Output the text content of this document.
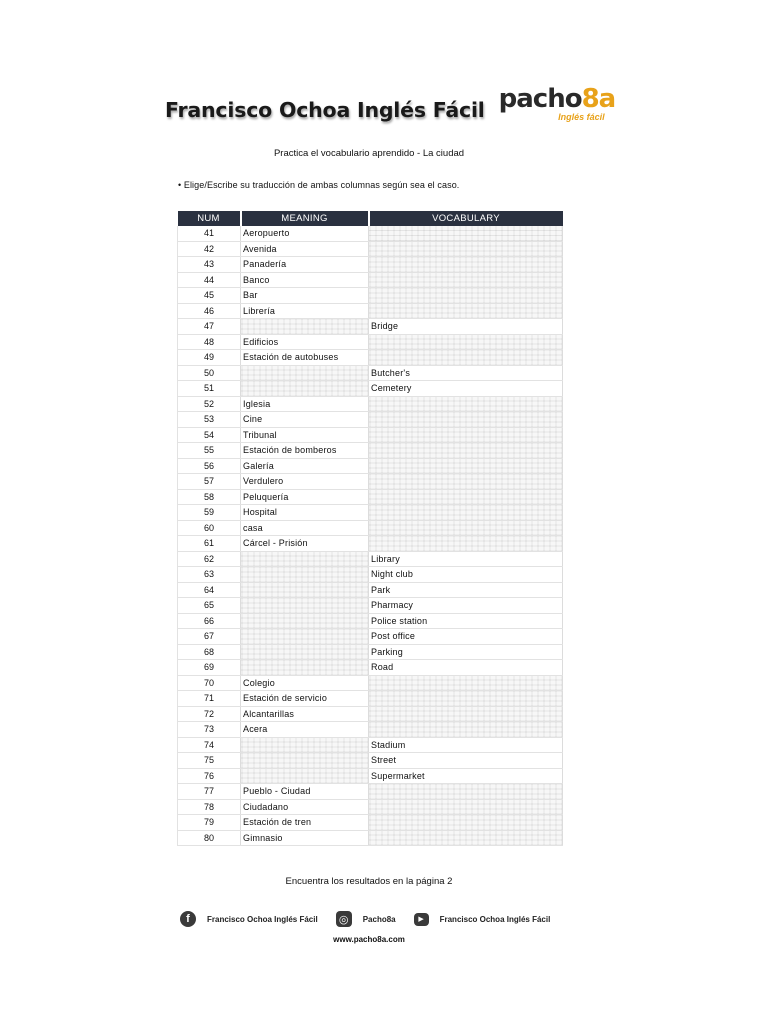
Francisco Ochoa Inglés Fácil pacho8a
Inglés fácil
Practica el vocabulario aprendido - La ciudad
• Elige/Escribe su traducción de ambas columnas según sea el caso.
NUM	MEANING	VOCABULARY
41	Aeropuerto	
42	Avenida	
43	Panadería	
44	Banco	
45	Bar	
46	Librería	
47		Bridge
48	Edificios	
49	Estación de autobuses	
50		Butcher's
51		Cemetery
52	Iglesia	
53	Cine	
54	Tribunal	
55	Estación de bomberos	
56	Galería	
57	Verdulero	
58	Peluquería	
59	Hospital	
60	casa	
61	Cárcel - Prisión	
62		Library
63		Night club
64		Park
65		Pharmacy
66		Police station
67		Post office
68		Parking
69		Road
70	Colegio	
71	Estación de servicio	
72	Alcantarillas	
73	Acera	
74		Stadium
75		Street
76		Supermarket
77	Pueblo - Ciudad	
78	Ciudadano	
79	Estación de tren	
80	Gimnasio	
Encuentra los resultados en la página 2
f	Francisco Ochoa Inglés Fácil ◎	Pacho8a	▶	Francisco Ochoa Inglés Fácil
www.pacho8a.com
